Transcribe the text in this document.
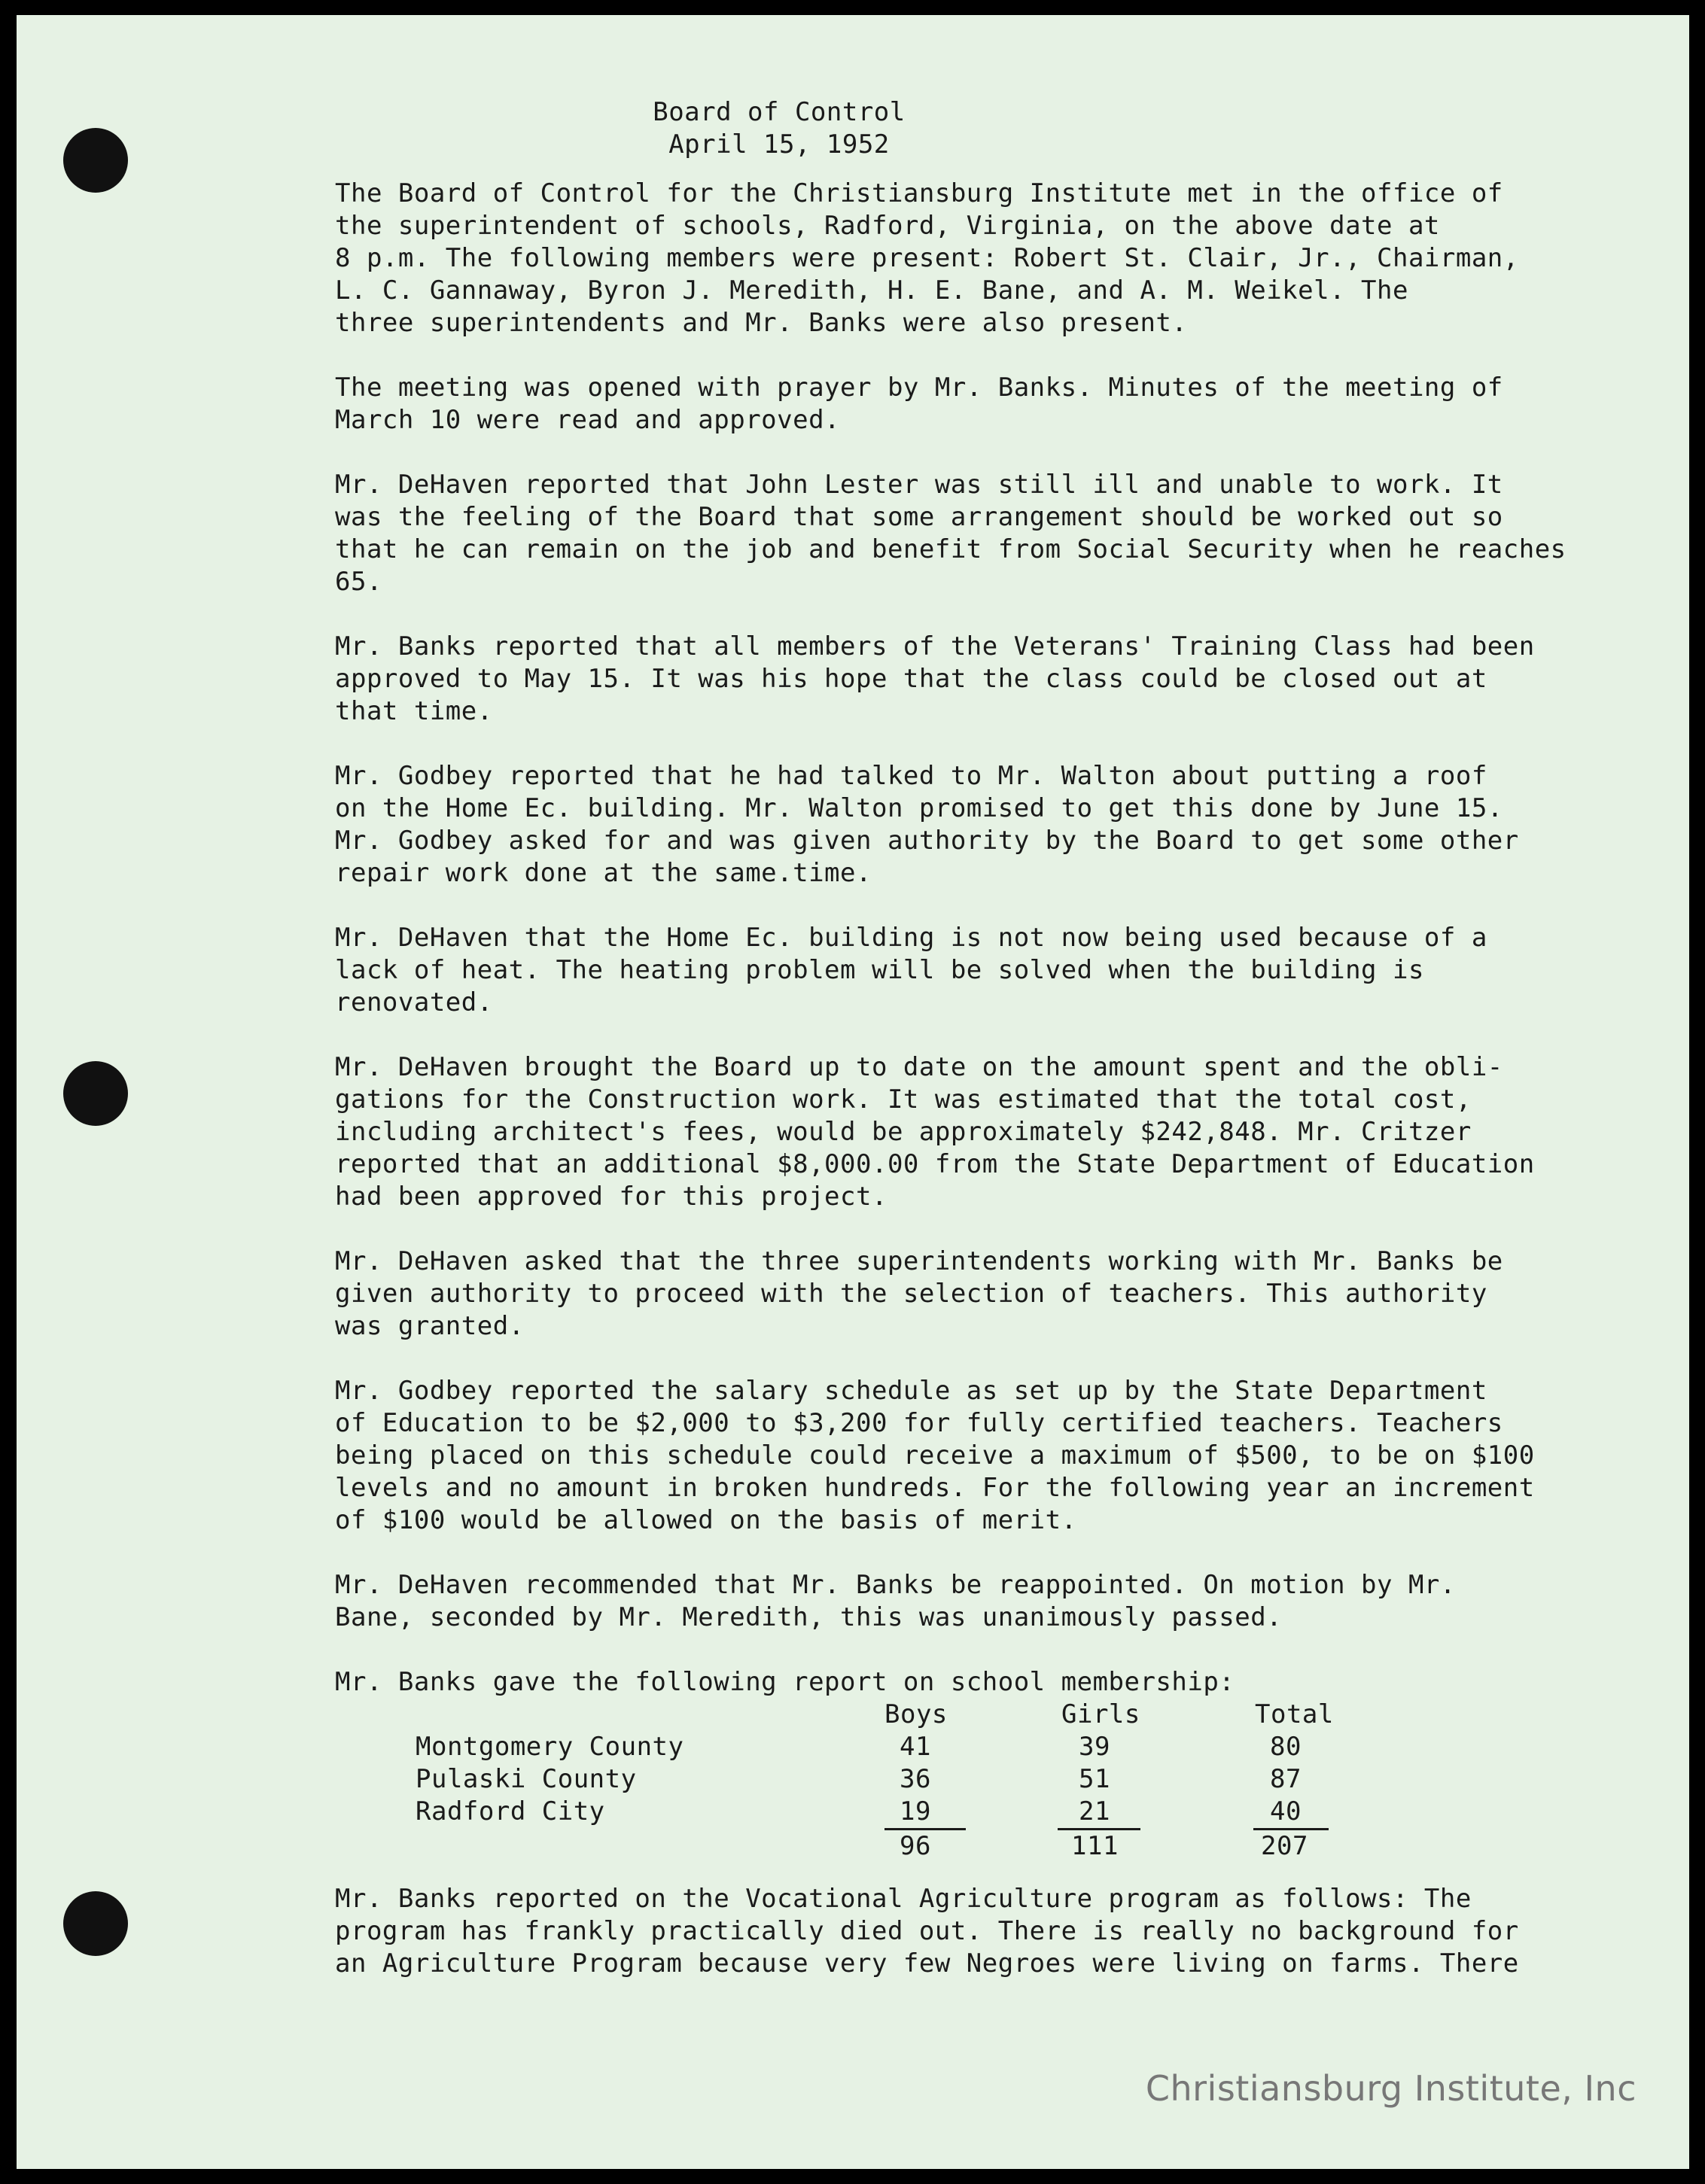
Board of Control
April 15, 1952
The Board of Control for the Christiansburg Institute met in the office of
the superintendent of schools, Radford, Virginia, on the above date at
8 p.m. The following members were present: Robert St. Clair, Jr., Chairman,
L. C. Gannaway, Byron J. Meredith, H. E. Bane, and A. M. Weikel. The
three superintendents and Mr. Banks were also present.
The meeting was opened with prayer by Mr. Banks. Minutes of the meeting of
March 10 were read and approved.
Mr. DeHaven reported that John Lester was still ill and unable to work. It
was the feeling of the Board that some arrangement should be worked out so
that he can remain on the job and benefit from Social Security when he reaches
65.
Mr. Banks reported that all members of the Veterans' Training Class had been
approved to May 15. It was his hope that the class could be closed out at
that time.
Mr. Godbey reported that he had talked to Mr. Walton about putting a roof
on the Home Ec. building. Mr. Walton promised to get this done by June 15.
Mr. Godbey asked for and was given authority by the Board to get some other
repair work done at the same.time.
Mr. DeHaven that the Home Ec. building is not now being used because of a
lack of heat. The heating problem will be solved when the building is
renovated.
Mr. DeHaven brought the Board up to date on the amount spent and the obli-
gations for the Construction work. It was estimated that the total cost,
including architect's fees, would be approximately $242,848. Mr. Critzer
reported that an additional $8,000.00 from the State Department of Education
had been approved for this project.
Mr. DeHaven asked that the three superintendents working with Mr. Banks be
given authority to proceed with the selection of teachers. This authority
was granted.
Mr. Godbey reported the salary schedule as set up by the State Department
of Education to be $2,000 to $3,200 for fully certified teachers. Teachers
being placed on this schedule could receive a maximum of $500, to be on $100
levels and no amount in broken hundreds. For the following year an increment
of $100 would be allowed on the basis of merit.
Mr. DeHaven recommended that Mr. Banks be reappointed. On motion by Mr.
Bane, seconded by Mr. Meredith, this was unanimously passed.
Mr. Banks gave the following report on school membership:
Boys	Girls	Total
Montgomery County	41	39	80
Pulaski County	36	51	87
Radford City	19	21	40
96	111	207
Mr. Banks reported on the Vocational Agriculture program as follows: The
program has frankly practically died out. There is really no background for
an Agriculture Program because very few Negroes were living on farms. There
Christiansburg Institute, Inc
